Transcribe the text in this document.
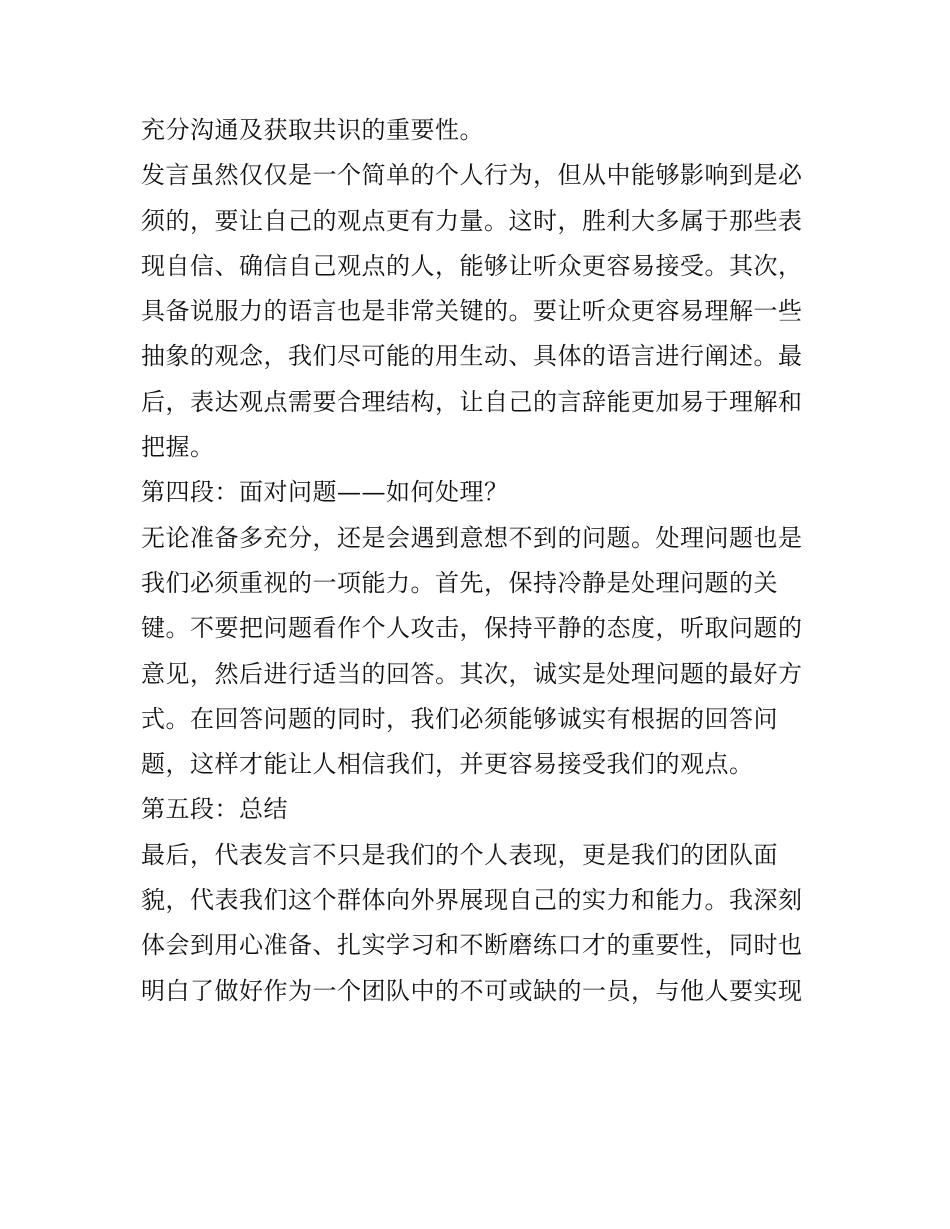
充分沟通及获取共识的重要性。
发言虽然仅仅是一个简单的个人行为，但从中能够影响到是必
须的，要让自己的观点更有力量。这时，胜利大多属于那些表
现自信、确信自己观点的人，能够让听众更容易接受。其次，
具备说服力的语言也是非常关键的。要让听众更容易理解一些
抽象的观念，我们尽可能的用生动、具体的语言进行阐述。最
后，表达观点需要合理结构，让自己的言辞能更加易于理解和
把握。
第四段：面对问题——如何处理？
无论准备多充分，还是会遇到意想不到的问题。处理问题也是
我们必须重视的一项能力。首先，保持冷静是处理问题的关
键。不要把问题看作个人攻击，保持平静的态度，听取问题的
意见，然后进行适当的回答。其次，诚实是处理问题的最好方
式。在回答问题的同时，我们必须能够诚实有根据的回答问
题，这样才能让人相信我们，并更容易接受我们的观点。
第五段：总结
最后，代表发言不只是我们的个人表现，更是我们的团队面
貌，代表我们这个群体向外界展现自己的实力和能力。我深刻
体会到用心准备、扎实学习和不断磨练口才的重要性，同时也
明白了做好作为一个团队中的不可或缺的一员，与他人要实现
